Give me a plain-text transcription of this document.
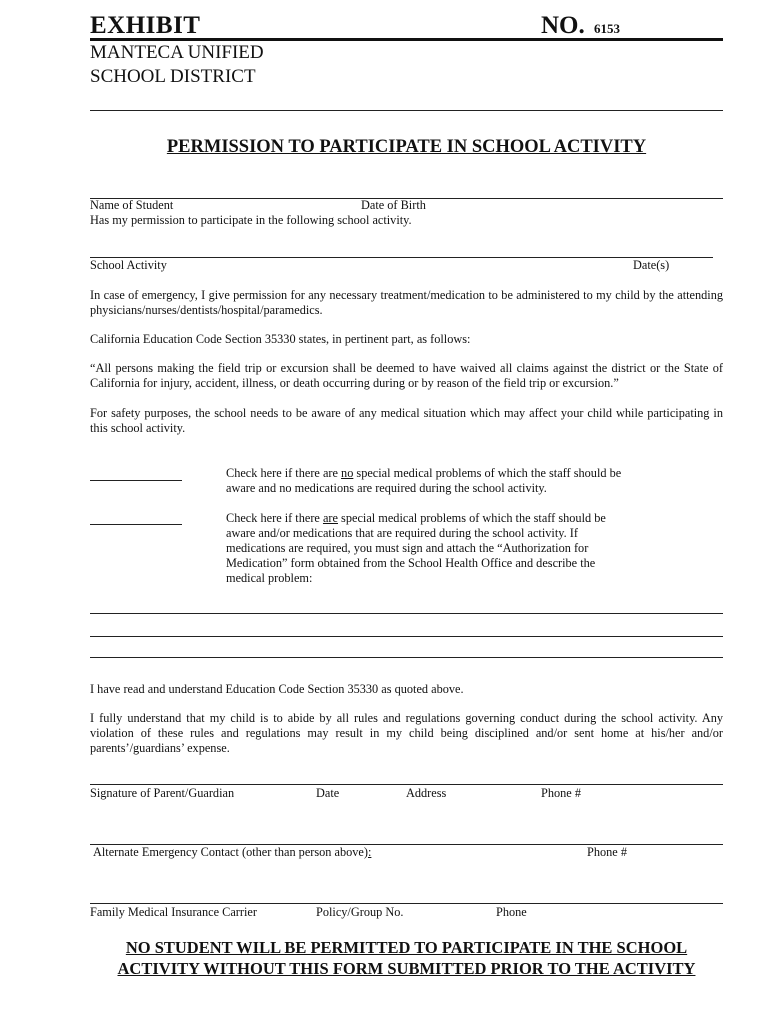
EXHIBIT	NO. 6153
MANTECA UNIFIED
SCHOOL DISTRICT
PERMISSION TO PARTICIPATE IN SCHOOL ACTIVITY
Name of Student	Date of Birth
Has my permission to participate in the following school activity.
School Activity	Date(s)
In case of emergency, I give permission for any necessary treatment/medication to be administered to my child by the attending physicians/nurses/dentists/hospital/paramedics.
California Education Code Section 35330 states, in pertinent part, as follows:
“All persons making the field trip or excursion shall be deemed to have waived all claims against the district or the State of California for injury, accident, illness, or death occurring during or by reason of the field trip or excursion.”
For safety purposes, the school needs to be aware of any medical situation which may affect your child while participating in this school activity.
Check here if there are no special medical problems of which the staff should be aware and no medications are required during the school activity.
Check here if there are special medical problems of which the staff should be aware and/or medications that are required during the school activity. If medications are required, you must sign and attach the “Authorization for Medication” form obtained from the School Health Office and describe the medical problem:
I have read and understand Education Code Section 35330 as quoted above.
I fully understand that my child is to abide by all rules and regulations governing conduct during the school activity. Any violation of these rules and regulations may result in my child being disciplined and/or sent home at his/her and/or parents’/guardians’ expense.
Signature of Parent/Guardian	Date	Address	Phone #
Alternate Emergency Contact (other than person above):	Phone #
Family Medical Insurance Carrier	Policy/Group No.	Phone
NO STUDENT WILL BE PERMITTED TO PARTICIPATE IN THE SCHOOL
ACTIVITY WITHOUT THIS FORM SUBMITTED PRIOR TO THE ACTIVITY
